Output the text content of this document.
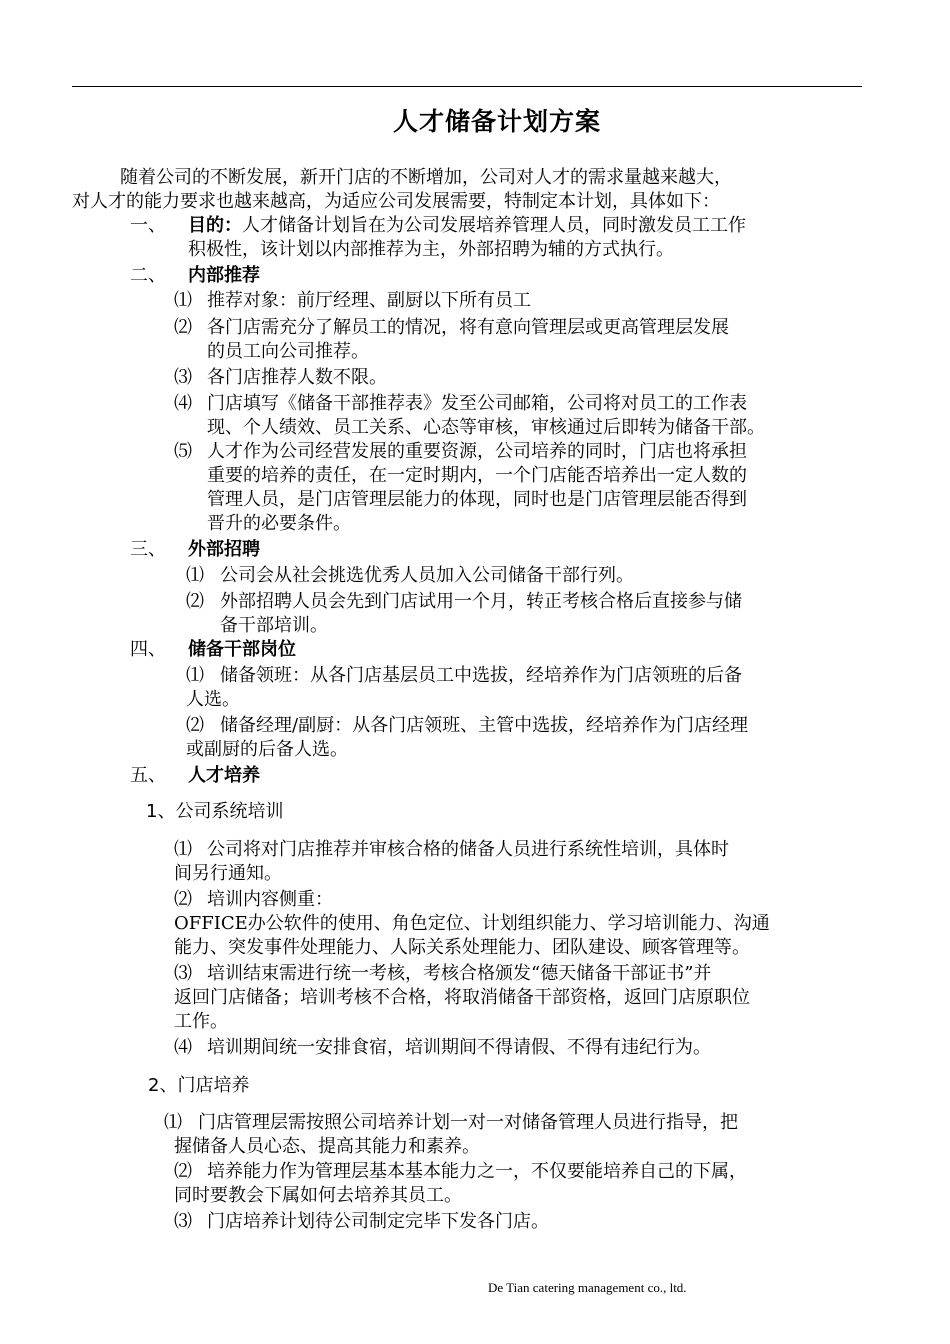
人才储备计划方案
随着公司的不断发展，新开门店的不断增加，公司对人才的需求量越来越大，
对人才的能力要求也越来越高，为适应公司发展需要，特制定本计划，具体如下：
一、 目的：人才储备计划旨在为公司发展培养管理人员，同时激发员工工作
积极性，该计划以内部推荐为主，外部招聘为辅的方式执行。
二、 内部推荐
⑴ 推荐对象：前厅经理、副厨以下所有员工
⑵ 各门店需充分了解员工的情况，将有意向管理层或更高管理层发展
的员工向公司推荐。
⑶ 各门店推荐人数不限。
⑷ 门店填写《储备干部推荐表》发至公司邮箱，公司将对员工的工作表
现、个人绩效、员工关系、心态等审核，审核通过后即转为储备干部。
⑸ 人才作为公司经营发展的重要资源，公司培养的同时，门店也将承担
重要的培养的责任，在一定时期内，一个门店能否培养出一定人数的
管理人员，是门店管理层能力的体现，同时也是门店管理层能否得到
晋升的必要条件。
三、 外部招聘
⑴ 公司会从社会挑选优秀人员加入公司储备干部行列。
⑵ 外部招聘人员会先到门店试用一个月，转正考核合格后直接参与储
备干部培训。
四、 储备干部岗位
⑴ 储备领班：从各门店基层员工中选拔，经培养作为门店领班的后备
人选。
⑵ 储备经理/副厨：从各门店领班、主管中选拔，经培养作为门店经理
或副厨的后备人选。
五、 人才培养
1、公司系统培训
⑴ 公司将对门店推荐并审核合格的储备人员进行系统性培训，具体时
间另行通知。
⑵ 培训内容侧重：
OFFICE办公软件的使用、角色定位、计划组织能力、学习培训能力、沟通
能力、突发事件处理能力、人际关系处理能力、团队建设、顾客管理等。
⑶ 培训结束需进行统一考核，考核合格颁发“德天储备干部证书”并
返回门店储备；培训考核不合格，将取消储备干部资格，返回门店原职位
工作。
⑷ 培训期间统一安排食宿，培训期间不得请假、不得有违纪行为。
2、门店培养
⑴ 门店管理层需按照公司培养计划一对一对储备管理人员进行指导，把
握储备人员心态、提高其能力和素养。
⑵ 培养能力作为管理层基本基本能力之一，不仅要能培养自己的下属，
同时要教会下属如何去培养其员工。
⑶ 门店培养计划待公司制定完毕下发各门店。
De Tian catering management co., ltd.
